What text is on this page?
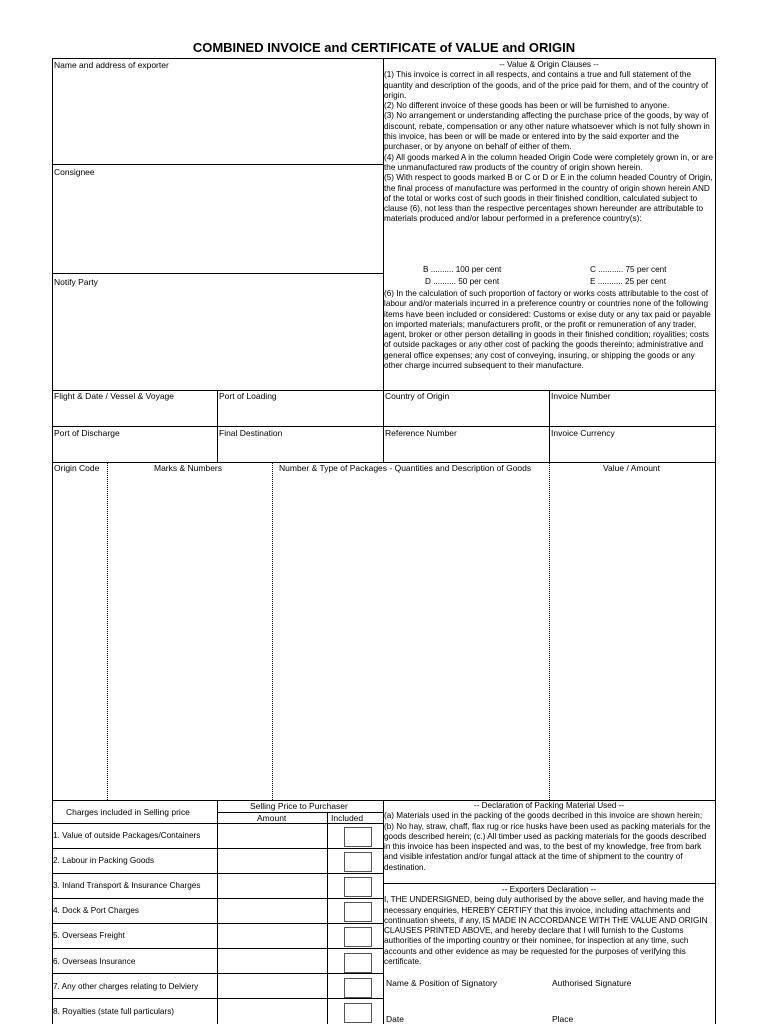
COMBINED INVOICE and CERTIFICATE of VALUE and ORIGIN
Name and address of exporter
Consignee
Notify Party

-- Value & Origin Clauses --

(1) This invoice is correct in all respects, and contains a true and full statement of the quantity and description of the goods, and of the price paid for them, and of the country of origin.

(2) No different invoice of these goods has been or will be furnished to anyone.

(3) No arrangement or understanding affecting the purchase price of the goods, by way of discount, rebate, compensation or any other nature whatsoever which is not fully shown in this invoice, has been or will be made or entered into by the said exporter and the purchaser, or by anyone on behalf of either of them.

(4) All goods marked A in the column headed Origin Code were completely grown in, or are the unmanufactured raw products of the country of origin shown herein.

(5) With respect to goods marked B or C or D or E in the column headed Country of Origin, the final process of manufacture was performed in the country of origin shown herein AND of the total or works cost of such goods in their finished condition, calculated subject to clause (6), not less than the respective percentages shown hereunder are attributable to materials produced and/or labour performed in a preference country(s):

B .......... 100 per cent	C ........... 75 per cent
D .......... 50 per cent	E ........... 25 per cent

(6) In the calculation of such proportion of factory or works costs attributable to the cost of labour and/or materials incurred in a preference country or countries none of the following items have been included or considered: Customs or exise duty or any tax paid or payable on imported materials; manufacturers profit, or the profit or remuneration of any trader, agent, broker or other person detailing in goods in their finished condition; royalities; costs of outside packages or any other cost of packing the goods thereinto; administrative and general office expenses; any cost of conveying, insuring, or shipping the goods or any other charge incurred subsequent to their manufacture.

Flight & Date / Vessel & Voyage	Port of Loading	Country of Origin	Invoice Number
Port of Discharge	Final Destination	Reference Number	Invoice Currency
Origin Code	Marks & Numbers	Number & Type of Packages - Quantities and Description of Goods	Value / Amount
Charges included in Selling price
Selling Price to Purchaser
Amount	Included
1. Value of outside Packages/Containers
2. Labour in Packing Goods
3. Inland Transport & Insurance Charges
4. Dock & Port Charges
5. Overseas Freight
6. Overseas Insurance
7. Any other charges relating to Delviery
8. Royalties (state full particulars)

-- Declaration of Packing Material Used --

(a) Materials used in the packing of the goods decribed in this invoice are shown herein; (b) No hay, straw, chaff, flax rug or rice husks have been used as packing materials for the goods described herein; (c.) All timber used as packing materials for the goods described in this invoice has been inspected and was, to the best of my knowledge, free from bark and visible infestation and/or fungal attack at the time of shipment to the country of destination.

-- Exporters Declaration --

I, THE UNDERSIGNED, being duly authorised by the above seller, and having made the necessary enquiries, HEREBY CERTIFY that this invoice, including attachments and continuation sheets, if any, IS MADE IN ACCORDANCE WITH THE VALUE AND ORIGIN CLAUSES PRINTED ABOVE, and hereby declare that I will furnish to the Customs authorities of the importing country or their nominee, for inspection at any time, such accounts and other evidence as may be requested for the purposes of verifying this certificate.

Name & Position of Signatory	Authorised Signature
Date	Place
